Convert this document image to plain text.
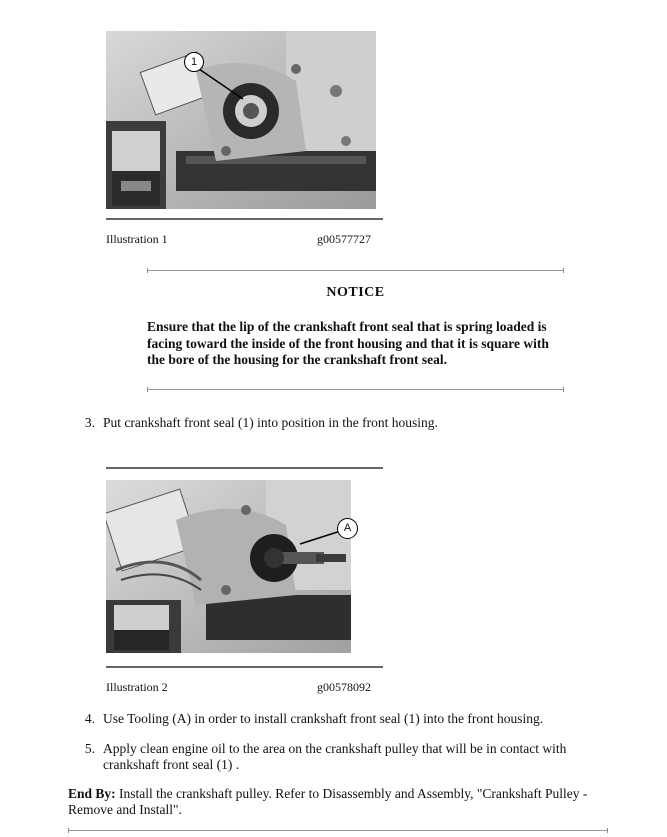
1
Illustration 1	g00577727
NOTICE
Ensure that the lip of the crankshaft front seal that is spring loaded is facing toward the inside of the front housing and that it is square with the bore of the housing for the crankshaft front seal.
3. Put crankshaft front seal (1) into position in the front housing.
A
Illustration 2	g00578092
4. Use Tooling (A) in order to install crankshaft front seal (1) into the front housing.
5. Apply clean engine oil to the area on the crankshaft pulley that will be in contact with crankshaft front seal (1) .
End By: Install the crankshaft pulley. Refer to Disassembly and Assembly, "Crankshaft Pulley - Remove and Install".
